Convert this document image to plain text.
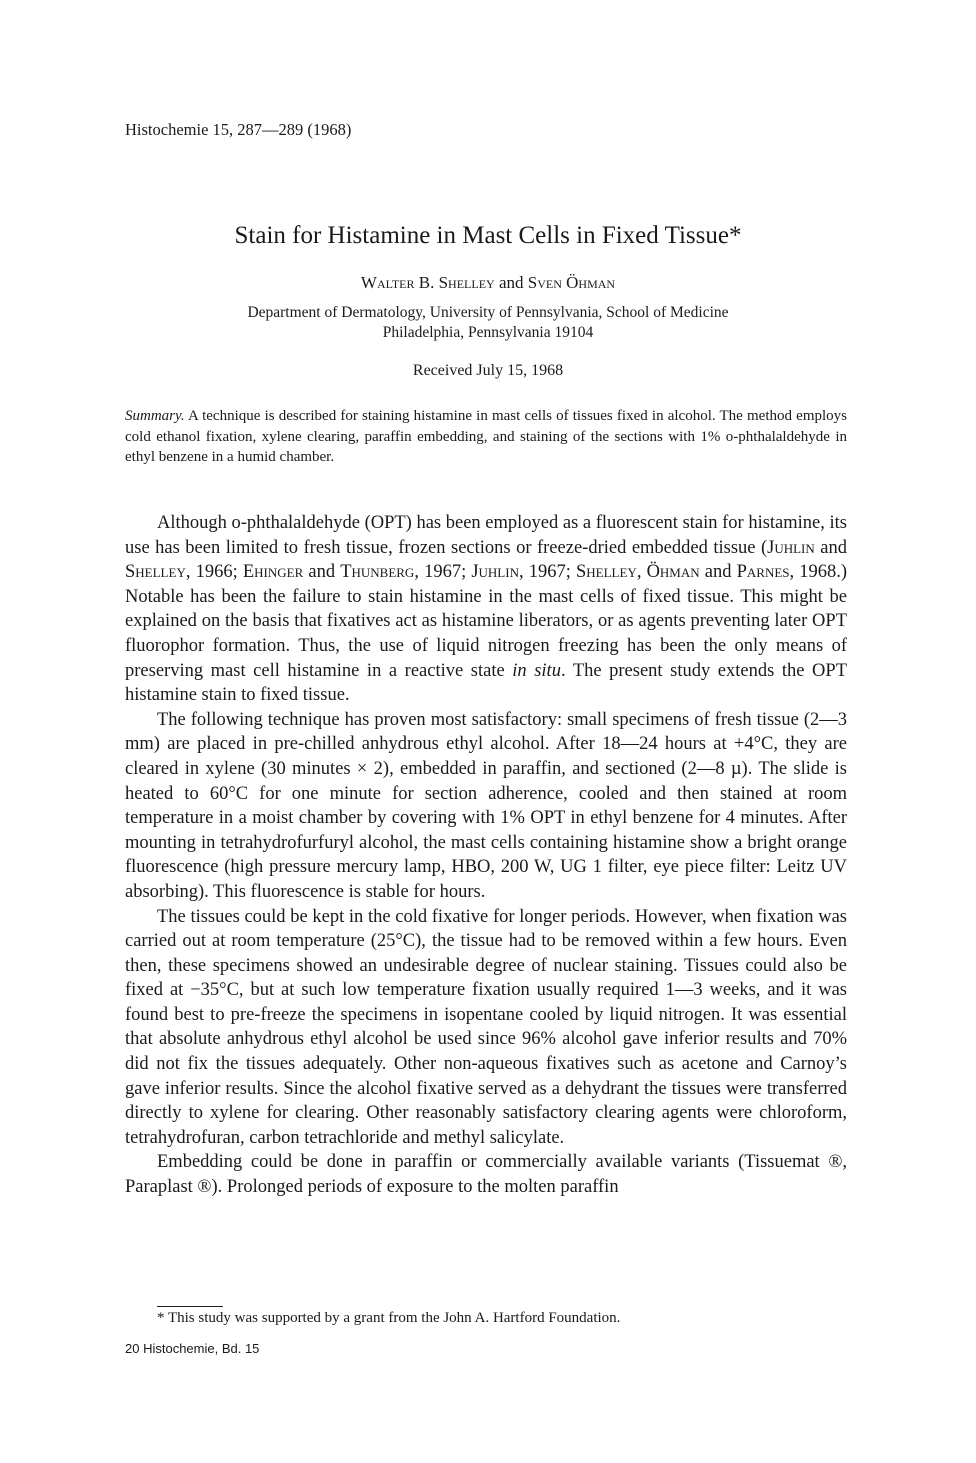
Histochemie 15, 287—289 (1968)
Stain for Histamine in Mast Cells in Fixed Tissue*
Walter B. Shelley and Sven Öhman
Department of Dermatology, University of Pennsylvania, School of Medicine
Philadelphia, Pennsylvania 19104
Received July 15, 1968
Summary. A technique is described for staining histamine in mast cells of tissues fixed in alcohol. The method employs cold ethanol fixation, xylene clearing, paraffin embedding, and staining of the sections with 1% o-phthalaldehyde in ethyl benzene in a humid chamber.

Although o-phthalaldehyde (OPT) has been employed as a fluorescent stain for histamine, its use has been limited to fresh tissue, frozen sections or freeze-dried embedded tissue (Juhlin and Shelley, 1966; Ehinger and Thunberg, 1967; Juhlin, 1967; Shelley, Öhman and Parnes, 1968.) Notable has been the failure to stain histamine in the mast cells of fixed tissue. This might be explained on the basis that fixatives act as histamine liberators, or as agents preventing later OPT fluorophor formation. Thus, the use of liquid nitrogen freezing has been the only means of preserving mast cell histamine in a reactive state in situ. The present study extends the OPT histamine stain to fixed tissue.

The following technique has proven most satisfactory: small specimens of fresh tissue (2—3 mm) are placed in pre-chilled anhydrous ethyl alcohol. After 18—24 hours at +4°C, they are cleared in xylene (30 minutes × 2), embedded in paraffin, and sectioned (2—8 µ). The slide is heated to 60°C for one minute for section adherence, cooled and then stained at room temperature in a moist chamber by covering with 1% OPT in ethyl benzene for 4 minutes. After mounting in tetrahydrofurfuryl alcohol, the mast cells containing histamine show a bright orange fluorescence (high pressure mercury lamp, HBO, 200 W, UG 1 filter, eye piece filter: Leitz UV absorbing). This fluorescence is stable for hours.

The tissues could be kept in the cold fixative for longer periods. However, when fixation was carried out at room temperature (25°C), the tissue had to be removed within a few hours. Even then, these specimens showed an undesirable degree of nuclear staining. Tissues could also be fixed at −35°C, but at such low temperature fixation usually required 1—3 weeks, and it was found best to pre-freeze the specimens in isopentane cooled by liquid nitrogen. It was essential that absolute anhydrous ethyl alcohol be used since 96% alcohol gave inferior results and 70% did not fix the tissues adequately. Other non-aqueous fixatives such as acetone and Carnoy’s gave inferior results. Since the alcohol fixative served as a dehydrant the tissues were transferred directly to xylene for clearing. Other reasonably satisfactory clearing agents were chloroform, tetrahydrofuran, carbon tetrachloride and methyl salicylate.

Embedding could be done in paraffin or commercially available variants (Tissuemat ®, Paraplast ®). Prolonged periods of exposure to the molten paraffin

* This study was supported by a grant from the John A. Hartford Foundation.
20 Histochemie, Bd. 15
